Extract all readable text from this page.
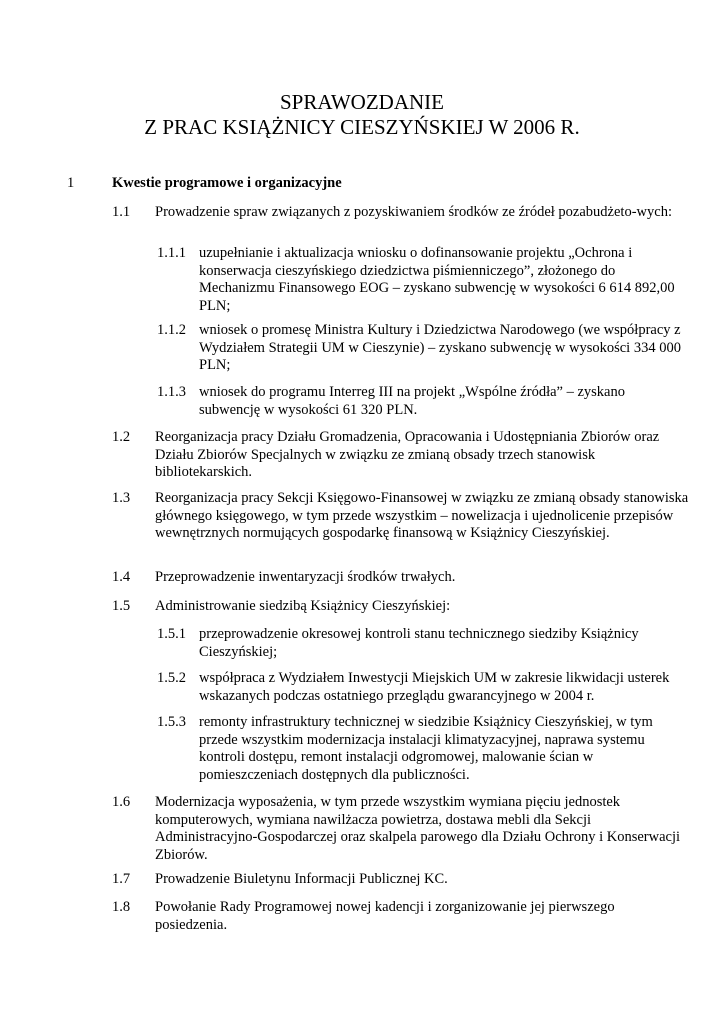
SPRAWOZDANIE
Z PRAC KSIĄŻNICY CIESZYŃSKIEJ W 2006 R.
1	Kwestie programowe i organizacyjne
1.1 Prowadzenie spraw związanych z pozyskiwaniem środków ze źródeł pozabudżeto-wych:
1.1.1 uzupełnianie i aktualizacja wniosku o dofinansowanie projektu „Ochrona i konserwacja cieszyńskiego dziedzictwa piśmienniczego”, złożonego do Mechanizmu Finansowego EOG – zyskano subwencję w wysokości 6 614 892,00 PLN;
1.1.2 wniosek o promesę Ministra Kultury i Dziedzictwa Narodowego (we współpracy z Wydziałem Strategii UM w Cieszynie) – zyskano subwencję w wysokości 334 000 PLN;
1.1.3 wniosek do programu Interreg III na projekt „Wspólne źródła” – zyskano subwencję w wysokości 61 320 PLN.
1.2 Reorganizacja pracy Działu Gromadzenia, Opracowania i Udostępniania Zbiorów oraz Działu Zbiorów Specjalnych w związku ze zmianą obsady trzech stanowisk bibliotekarskich.
1.3 Reorganizacja pracy Sekcji Księgowo-Finansowej w związku ze zmianą obsady stanowiska głównego księgowego, w tym przede wszystkim – nowelizacja i ujednolicenie przepisów wewnętrznych normujących gospodarkę finansową w Książnicy Cieszyńskiej.
1.4 Przeprowadzenie inwentaryzacji środków trwałych.
1.5 Administrowanie siedzibą Książnicy Cieszyńskiej:
1.5.1 przeprowadzenie okresowej kontroli stanu technicznego siedziby Książnicy Cieszyńskiej;
1.5.2 współpraca z Wydziałem Inwestycji Miejskich UM w zakresie likwidacji usterek wskazanych podczas ostatniego przeglądu gwarancyjnego w 2004 r.
1.5.3 remonty infrastruktury technicznej w siedzibie Książnicy Cieszyńskiej, w tym przede wszystkim modernizacja instalacji klimatyzacyjnej, naprawa systemu kontroli dostępu, remont instalacji odgromowej, malowanie ścian w pomieszczeniach dostępnych dla publiczności.
1.6 Modernizacja wyposażenia, w tym przede wszystkim wymiana pięciu jednostek komputerowych, wymiana nawilżacza powietrza, dostawa mebli dla Sekcji Administracyjno-Gospodarczej oraz skalpela parowego dla Działu Ochrony i Konserwacji Zbiorów.
1.7 Prowadzenie Biuletynu Informacji Publicznej KC.
1.8 Powołanie Rady Programowej nowej kadencji i zorganizowanie jej pierwszego posiedzenia.
